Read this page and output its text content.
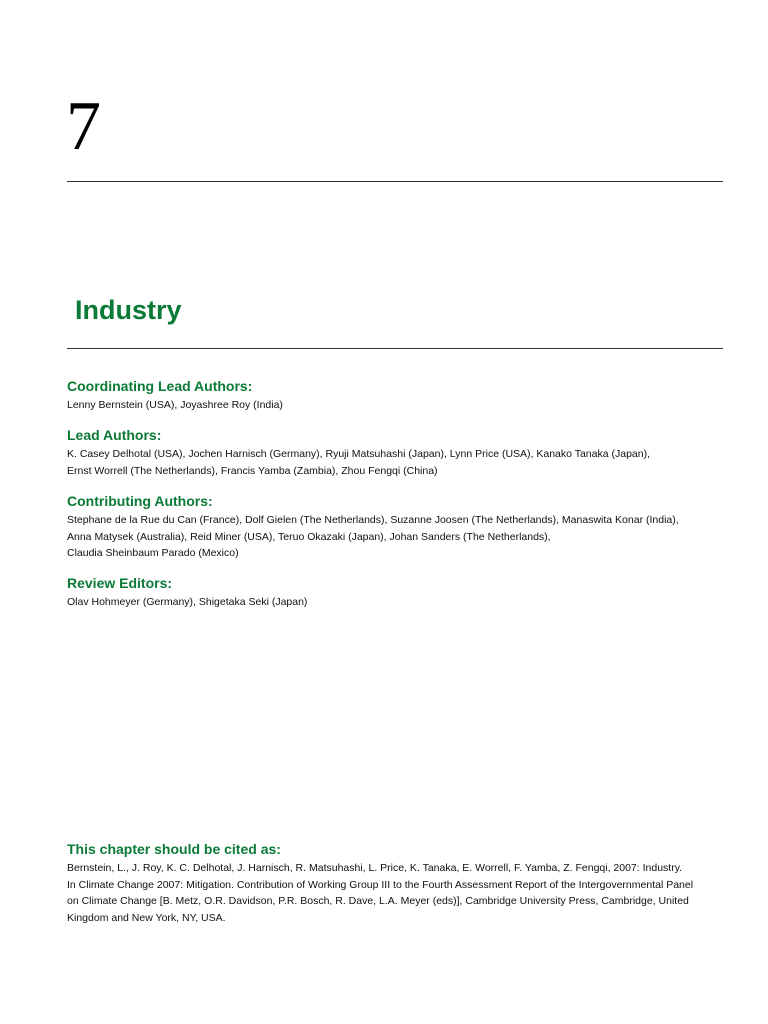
7
Industry

Coordinating Lead Authors:

Lenny Bernstein (USA), Joyashree Roy (India)

Lead Authors:

K. Casey Delhotal (USA), Jochen Harnisch (Germany), Ryuji Matsuhashi (Japan), Lynn Price (USA), Kanako Tanaka (Japan),
Ernst Worrell (The Netherlands), Francis Yamba (Zambia), Zhou Fengqi (China)

Contributing Authors:

Stephane de la Rue du Can (France), Dolf Gielen (The Netherlands), Suzanne Joosen (The Netherlands), Manaswita Konar (India),
Anna Matysek (Australia), Reid Miner (USA), Teruo Okazaki (Japan), Johan Sanders (The Netherlands),
Claudia Sheinbaum Parado (Mexico)

Review Editors:

Olav Hohmeyer (Germany), Shigetaka Seki (Japan)

This chapter should be cited as:

Bernstein, L., J. Roy, K. C. Delhotal, J. Harnisch, R. Matsuhashi, L. Price, K. Tanaka, E. Worrell, F. Yamba, Z. Fengqi, 2007: Industry.
In Climate Change 2007: Mitigation. Contribution of Working Group III to the Fourth Assessment Report of the Intergovernmental Panel
on Climate Change [B. Metz, O.R. Davidson, P.R. Bosch, R. Dave, L.A. Meyer (eds)], Cambridge University Press, Cambridge, United
Kingdom and New York, NY, USA.
